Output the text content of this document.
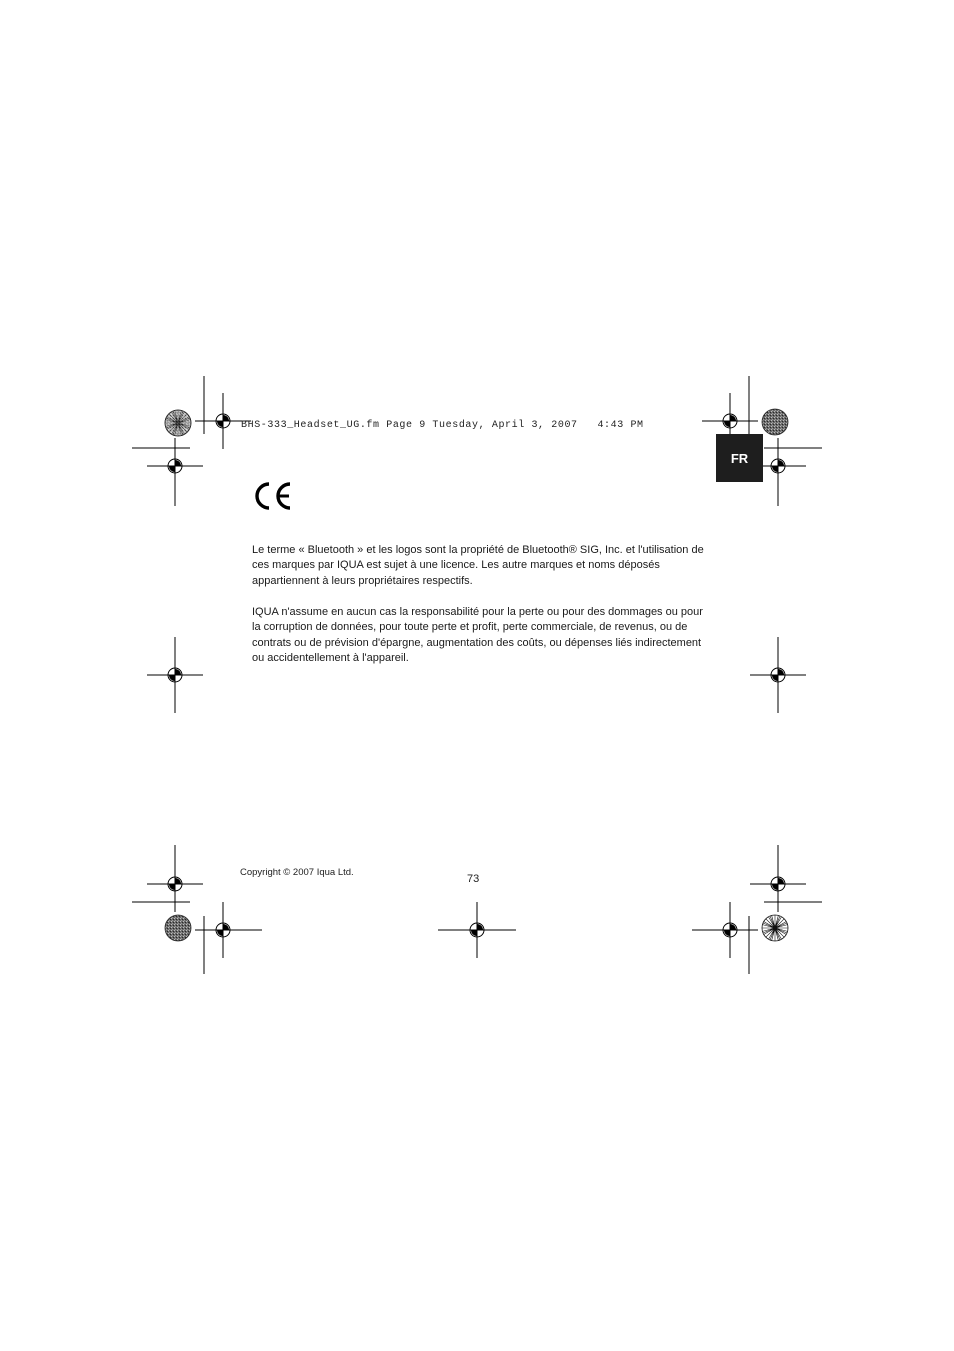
BHS-333_Headset_UG.fm Page 9 Tuesday, April 3, 2007   4:43 PM
FR

Le terme « Bluetooth » et les logos sont la propriété de Bluetooth® SIG, Inc. et l'utilisation de ces marques par IQUA est sujet à une licence. Les autre marques et noms déposés appartiennent à leurs propriétaires respectifs.

IQUA n'assume en aucun cas la responsabilité pour la perte ou pour des dommages ou pour la corruption de données, pour toute perte et profit, perte commerciale, de revenus, ou de contrats ou de prévision d'épargne, augmentation des coûts, ou dépenses liés indirectement ou accidentellement à l'appareil.

Copyright © 2007 Iqua Ltd.
73
